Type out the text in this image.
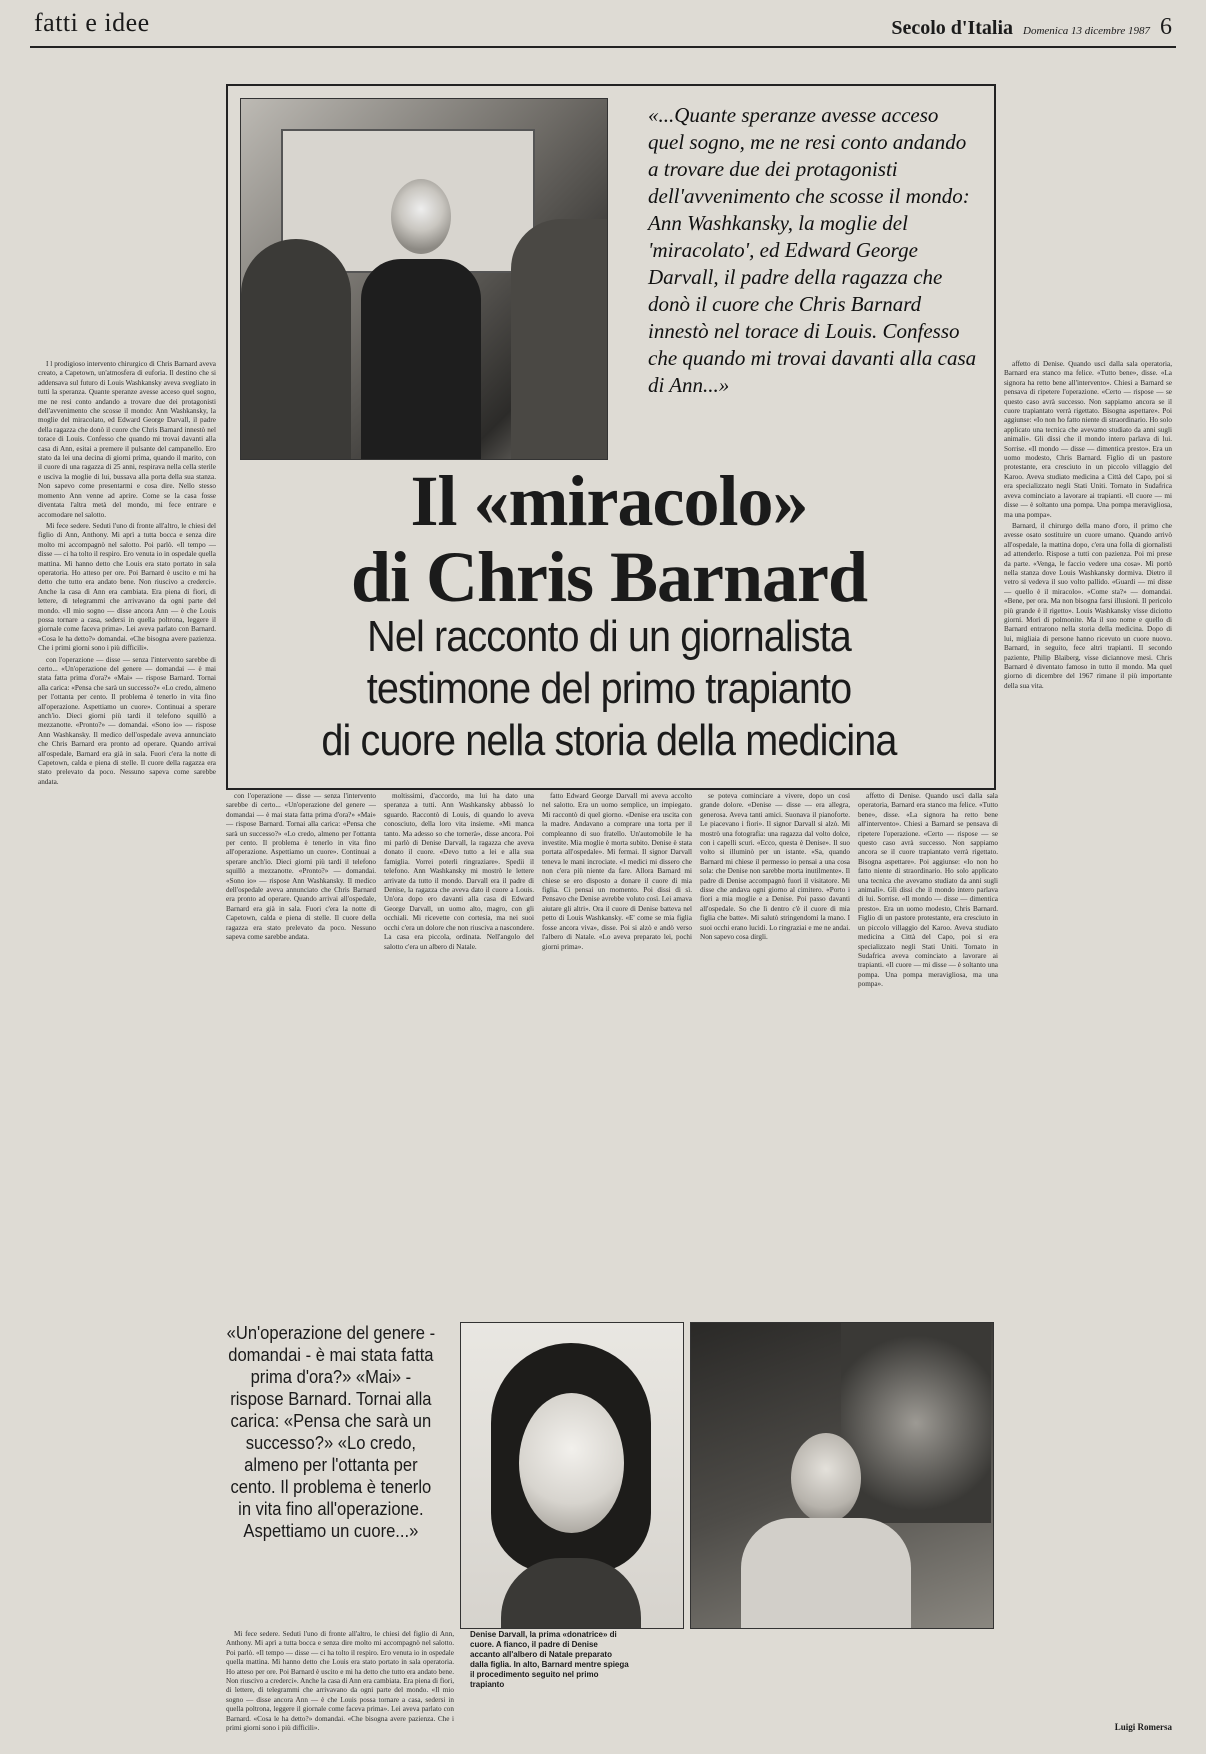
fatti e idee	Secolo d'Italia Domenica 13 dicembre 1987 6

I l prodigioso intervento chirurgico di Chris Barnard aveva creato, a Capetown, un'atmosfera di euforia. Il destino che si addensava sul futuro di Louis Washkansky aveva svegliato in tutti la speranza. Quante speranze avesse acceso quel sogno, me ne resi conto andando a trovare due dei protagonisti dell'avvenimento che scosse il mondo: Ann Washkansky, la moglie del miracolato, ed Edward George Darvall, il padre della ragazza che donò il cuore che Chris Barnard innestò nel torace di Louis. Confesso che quando mi trovai davanti alla casa di Ann, esitai a premere il pulsante del campanello. Ero stato da lei una decina di giorni prima, quando il marito, con il cuore di una ragazza di 25 anni, respirava nella cella sterile e usciva la moglie di lui, bussava alla porta della sua stanza. Non sapevo come presentarmi e cosa dire. Nello stesso momento Ann venne ad aprire. Come se la casa fosse diventata l'altra metà del mondo, mi fece entrare e accomodare nel salotto.

Mi fece sedere. Seduti l'uno di fronte all'altro, le chiesi del figlio di Ann, Anthony. Mi aprì a tutta bocca e senza dire molto mi accompagnò nel salotto. Poi parlò. «Il tempo — disse — ci ha tolto il respiro. Ero venuta io in ospedale quella mattina. Mi hanno detto che Louis era stato portato in sala operatoria. Ho atteso per ore. Poi Barnard è uscito e mi ha detto che tutto era andato bene. Non riuscivo a crederci». Anche la casa di Ann era cambiata. Era piena di fiori, di lettere, di telegrammi che arrivavano da ogni parte del mondo. «Il mio sogno — disse ancora Ann — è che Louis possa tornare a casa, sedersi in quella poltrona, leggere il giornale come faceva prima». Lei aveva parlato con Barnard. «Cosa le ha detto?» domandai. «Che bisogna avere pazienza. Che i primi giorni sono i più difficili».

con l'operazione — disse — senza l'intervento sarebbe di certo... «Un'operazione del genere — domandai — è mai stata fatta prima d'ora?» «Mai» — rispose Barnard. Tornai alla carica: «Pensa che sarà un successo?» «Lo credo, almeno per l'ottanta per cento. Il problema è tenerlo in vita fino all'operazione. Aspettiamo un cuore». Continuai a sperare anch'io. Dieci giorni più tardi il telefono squillò a mezzanotte. «Pronto?» — domandai. «Sono io» — rispose Ann Washkansky. Il medico dell'ospedale aveva annunciato che Chris Barnard era pronto ad operare. Quando arrivai all'ospedale, Barnard era già in sala. Fuori c'era la notte di Capetown, calda e piena di stelle. Il cuore della ragazza era stato prelevato da poco. Nessuno sapeva come sarebbe andata.

«...Quante speranze avesse acceso quel sogno, me ne resi conto andando a trovare due dei protagonisti dell'avvenimento che scosse il mondo: Ann Washkansky, la moglie del 'miracolato', ed Edward George Darvall, il padre della ragazza che donò il cuore che Chris Barnard innestò nel torace di Louis. Confesso che quando mi trovai davanti alla casa di Ann...»
Il «miracolo»
di Chris Barnard
Nel racconto di un giornalista
testimone del primo trapianto
di cuore nella storia della medicina

con l'operazione — disse — senza l'intervento sarebbe di certo... «Un'operazione del genere — domandai — è mai stata fatta prima d'ora?» «Mai» — rispose Barnard. Tornai alla carica: «Pensa che sarà un successo?» «Lo credo, almeno per l'ottanta per cento. Il problema è tenerlo in vita fino all'operazione. Aspettiamo un cuore». Continuai a sperare anch'io. Dieci giorni più tardi il telefono squillò a mezzanotte. «Pronto?» — domandai. «Sono io» — rispose Ann Washkansky. Il medico dell'ospedale aveva annunciato che Chris Barnard era pronto ad operare. Quando arrivai all'ospedale, Barnard era già in sala. Fuori c'era la notte di Capetown, calda e piena di stelle. Il cuore della ragazza era stato prelevato da poco. Nessuno sapeva come sarebbe andata.

moltissimi, d'accordo, ma lui ha dato una speranza a tutti. Ann Washkansky abbassò lo sguardo. Raccontò di Louis, di quando lo aveva conosciuto, della loro vita insieme. «Mi manca tanto. Ma adesso so che tornerà», disse ancora. Poi mi parlò di Denise Darvall, la ragazza che aveva donato il cuore. «Devo tutto a lei e alla sua famiglia. Vorrei poterli ringraziare». Spedii il telefono. Ann Washkansky mi mostrò le lettere arrivate da tutto il mondo. Darvall era il padre di Denise, la ragazza che aveva dato il cuore a Louis. Un'ora dopo ero davanti alla casa di Edward George Darvall, un uomo alto, magro, con gli occhiali. Mi ricevette con cortesia, ma nei suoi occhi c'era un dolore che non riusciva a nascondere. La casa era piccola, ordinata. Nell'angolo del salotto c'era un albero di Natale.

fatto Edward George Darvall mi aveva accolto nel salotto. Era un uomo semplice, un impiegato. Mi raccontò di quel giorno. «Denise era uscita con la madre. Andavano a comprare una torta per il compleanno di suo fratello. Un'automobile le ha investite. Mia moglie è morta subito. Denise è stata portata all'ospedale». Mi fermai. Il signor Darvall teneva le mani incrociate. «I medici mi dissero che non c'era più niente da fare. Allora Barnard mi chiese se ero disposto a donare il cuore di mia figlia. Ci pensai un momento. Poi dissi di sì. Pensavo che Denise avrebbe voluto così. Lei amava aiutare gli altri». Ora il cuore di Denise batteva nel petto di Louis Washkansky. «E' come se mia figlia fosse ancora viva», disse. Poi si alzò e andò verso l'albero di Natale. «Lo aveva preparato lei, pochi giorni prima».

se poteva cominciare a vivere, dopo un così grande dolore. «Denise — disse — era allegra, generosa. Aveva tanti amici. Suonava il pianoforte. Le piacevano i fiori». Il signor Darvall si alzò. Mi mostrò una fotografia: una ragazza dal volto dolce, con i capelli scuri. «Ecco, questa è Denise». Il suo volto si illuminò per un istante. «Sa, quando Barnard mi chiese il permesso io pensai a una cosa sola: che Denise non sarebbe morta inutilmente». Il padre di Denise accompagnò fuori il visitatore. Mi disse che andava ogni giorno al cimitero. «Porto i fiori a mia moglie e a Denise. Poi passo davanti all'ospedale. So che lì dentro c'è il cuore di mia figlia che batte». Mi salutò stringendomi la mano. I suoi occhi erano lucidi. Lo ringraziai e me ne andai. Non sapevo cosa dirgli.

affetto di Denise. Quando uscì dalla sala operatoria, Barnard era stanco ma felice. «Tutto bene», disse. «La signora ha retto bene all'intervento». Chiesi a Barnard se pensava di ripetere l'operazione. «Certo — rispose — se questo caso avrà successo. Non sappiamo ancora se il cuore trapiantato verrà rigettato. Bisogna aspettare». Poi aggiunse: «Io non ho fatto niente di straordinario. Ho solo applicato una tecnica che avevamo studiato da anni sugli animali». Gli dissi che il mondo intero parlava di lui. Sorrise. «Il mondo — disse — dimentica presto». Era un uomo modesto, Chris Barnard. Figlio di un pastore protestante, era cresciuto in un piccolo villaggio del Karoo. Aveva studiato medicina a Città del Capo, poi si era specializzato negli Stati Uniti. Tornato in Sudafrica aveva cominciato a lavorare ai trapianti. «Il cuore — mi disse — è soltanto una pompa. Una pompa meravigliosa, ma una pompa».

affetto di Denise. Quando uscì dalla sala operatoria, Barnard era stanco ma felice. «Tutto bene», disse. «La signora ha retto bene all'intervento». Chiesi a Barnard se pensava di ripetere l'operazione. «Certo — rispose — se questo caso avrà successo. Non sappiamo ancora se il cuore trapiantato verrà rigettato. Bisogna aspettare». Poi aggiunse: «Io non ho fatto niente di straordinario. Ho solo applicato una tecnica che avevamo studiato da anni sugli animali». Gli dissi che il mondo intero parlava di lui. Sorrise. «Il mondo — disse — dimentica presto». Era un uomo modesto, Chris Barnard. Figlio di un pastore protestante, era cresciuto in un piccolo villaggio del Karoo. Aveva studiato medicina a Città del Capo, poi si era specializzato negli Stati Uniti. Tornato in Sudafrica aveva cominciato a lavorare ai trapianti. «Il cuore — mi disse — è soltanto una pompa. Una pompa meravigliosa, ma una pompa».

Barnard, il chirurgo della mano d'oro, il primo che avesse osato sostituire un cuore umano. Quando arrivò all'ospedale, la mattina dopo, c'era una folla di giornalisti ad attenderlo. Rispose a tutti con pazienza. Poi mi prese da parte. «Venga, le faccio vedere una cosa». Mi portò nella stanza dove Louis Washkansky dormiva. Dietro il vetro si vedeva il suo volto pallido. «Guardi — mi disse — quello è il miracolo». «Come sta?» — domandai. «Bene, per ora. Ma non bisogna farsi illusioni. Il pericolo più grande è il rigetto». Louis Washkansky visse diciotto giorni. Morì di polmonite. Ma il suo nome e quello di Barnard entrarono nella storia della medicina. Dopo di lui, migliaia di persone hanno ricevuto un cuore nuovo. Barnard, in seguito, fece altri trapianti. Il secondo paziente, Philip Blaiberg, visse diciannove mesi. Chris Barnard è diventato famoso in tutto il mondo. Ma quel giorno di dicembre del 1967 rimane il più importante della sua vita.

«Un'operazione del genere - domandai - è mai stata fatta prima d'ora?» «Mai» - rispose Barnard. Tornai alla carica: «Pensa che sarà un successo?» «Lo credo, almeno per l'ottanta per cento. Il problema è tenerlo in vita fino all'operazione. Aspettiamo un cuore...»

Mi fece sedere. Seduti l'uno di fronte all'altro, le chiesi del figlio di Ann, Anthony. Mi aprì a tutta bocca e senza dire molto mi accompagnò nel salotto. Poi parlò. «Il tempo — disse — ci ha tolto il respiro. Ero venuta io in ospedale quella mattina. Mi hanno detto che Louis era stato portato in sala operatoria. Ho atteso per ore. Poi Barnard è uscito e mi ha detto che tutto era andato bene. Non riuscivo a crederci». Anche la casa di Ann era cambiata. Era piena di fiori, di lettere, di telegrammi che arrivavano da ogni parte del mondo. «Il mio sogno — disse ancora Ann — è che Louis possa tornare a casa, sedersi in quella poltrona, leggere il giornale come faceva prima». Lei aveva parlato con Barnard. «Cosa le ha detto?» domandai. «Che bisogna avere pazienza. Che i primi giorni sono i più difficili».

Denise Darvall, la prima «donatrice» di cuore. A fianco, il padre di Denise accanto all'albero di Natale preparato dalla figlia. In alto, Barnard mentre spiega il procedimento seguito nel primo trapianto
Luigi Romersa
